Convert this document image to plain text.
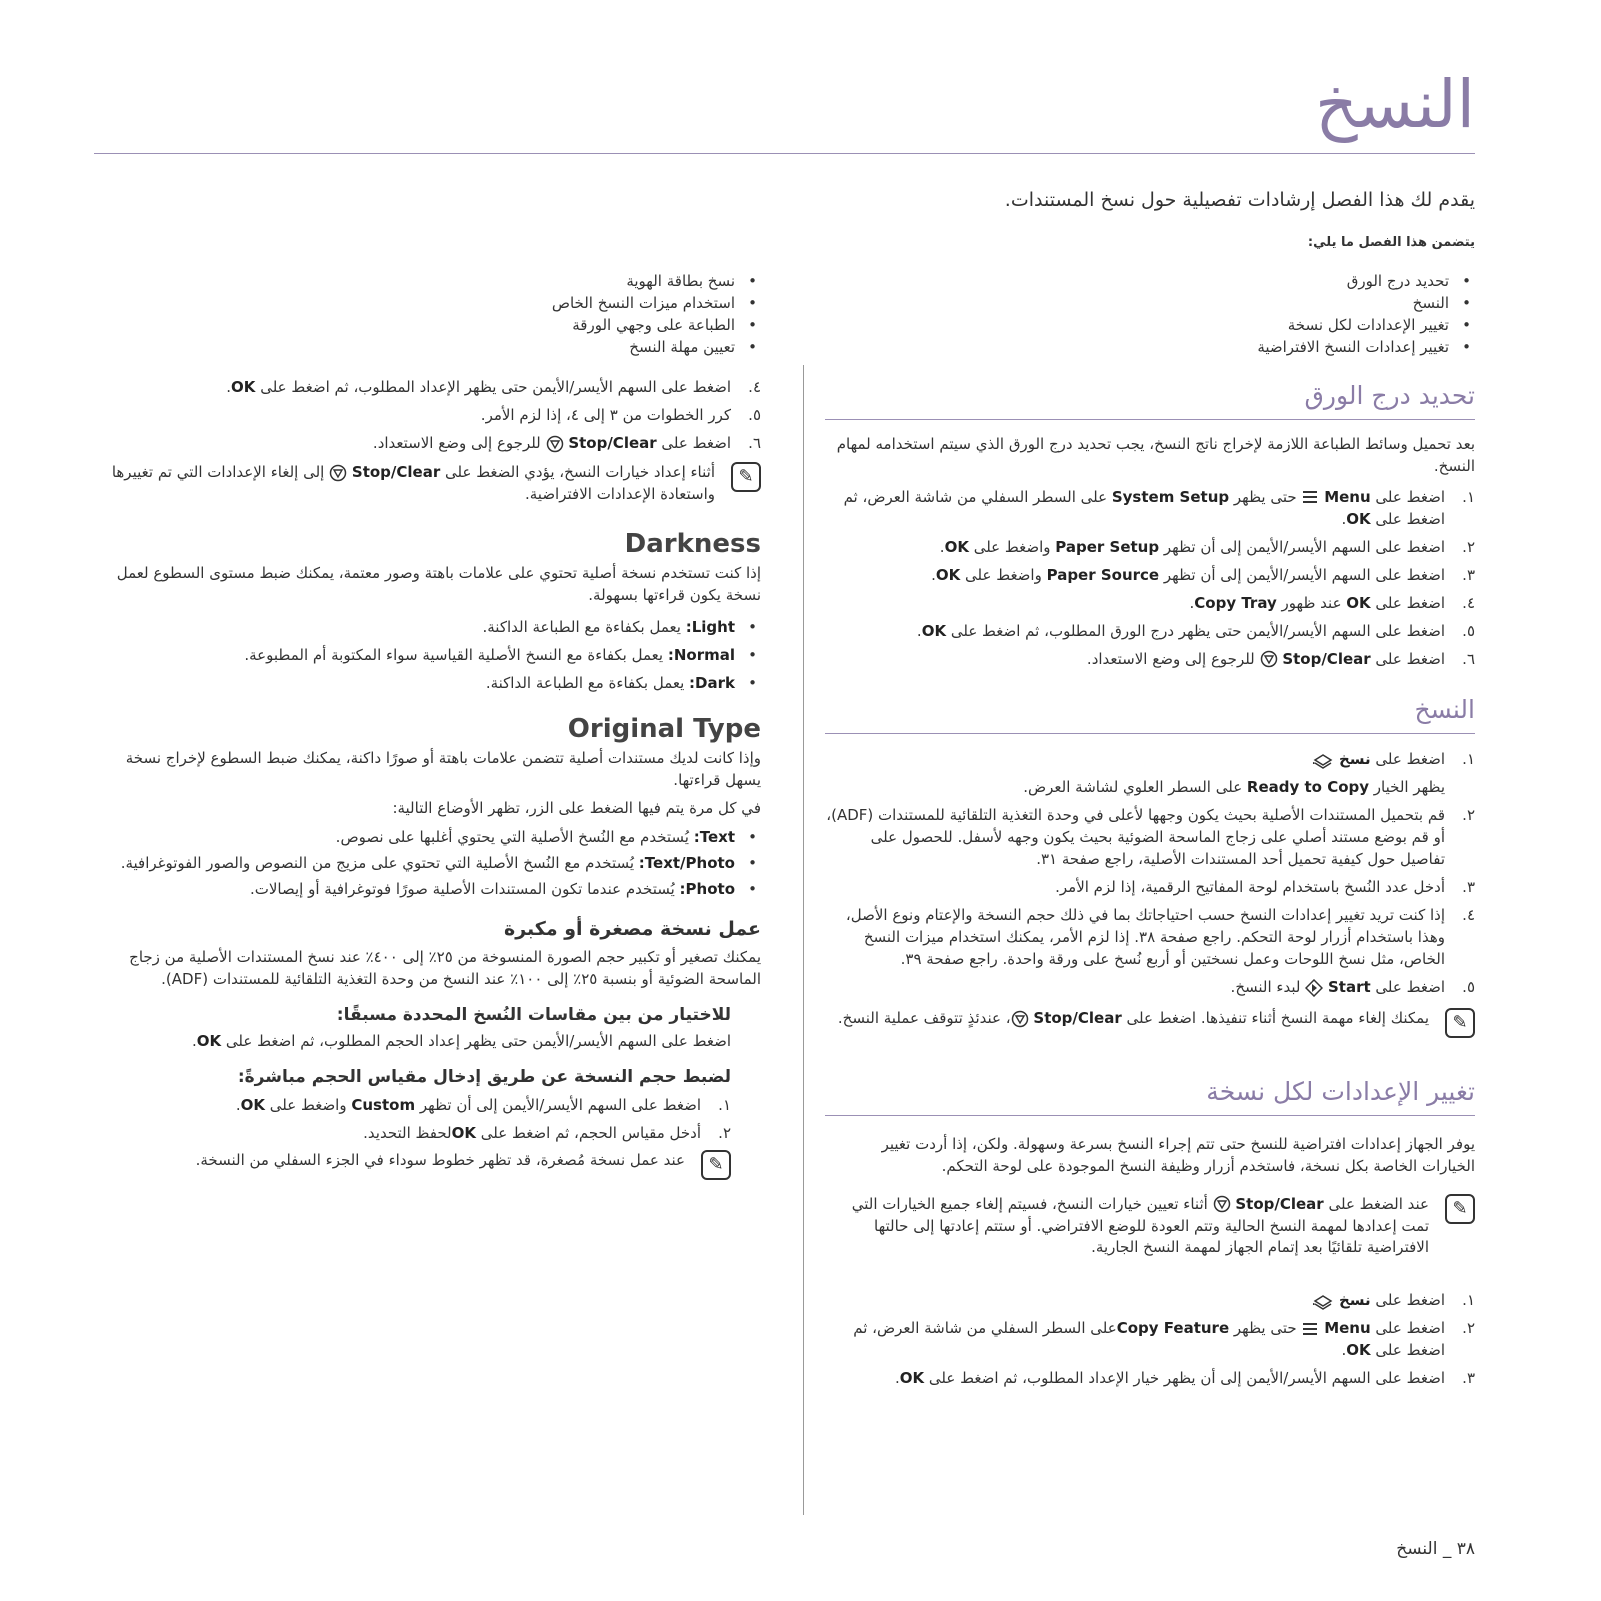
النسخ
يقدم لك هذا الفصل إرشادات تفصيلية حول نسخ المستندات.
يتضمن هذا الفصل ما يلي:
• تحديد درج الورق
• النسخ
• تغيير الإعدادات لكل نسخة
• تغيير إعدادات النسخ الافتراضية
تحديد درج الورق

بعد تحميل وسائط الطباعة اللازمة لإخراج ناتج النسخ، يجب تحديد درج الورق الذي سيتم استخدامه لمهام النسخ.

١.
اضغط على Menu  حتى يظهر System Setup على السطر السفلي من شاشة العرض، ثم اضغط على OK.
٢.
اضغط على السهم الأيسر/الأيمن إلى أن تظهر Paper Setup واضغط على OK.
٣.
اضغط على السهم الأيسر/الأيمن إلى أن تظهر Paper Source واضغط على OK.
٤.
اضغط على OK عند ظهور Copy Tray.
٥.
اضغط على السهم الأيسر/الأيمن حتى يظهر درج الورق المطلوب، ثم اضغط على OK.
٦.
اضغط على Stop/Clear  للرجوع إلى وضع الاستعداد.
النسخ
١.
اضغط على نسخ .
يظهر الخيار Ready to Copy على السطر العلوي لشاشة العرض.
٢.
قم بتحميل المستندات الأصلية بحيث يكون وجهها لأعلى في وحدة التغذية التلقائية للمستندات (ADF)، أو قم بوضع مستند أصلي على زجاج الماسحة الضوئية بحيث يكون وجهه لأسفل. للحصول على تفاصيل حول كيفية تحميل أحد المستندات الأصلية، راجع صفحة ٣١.
٣.
أدخل عدد النُسخ باستخدام لوحة المفاتيح الرقمية، إذا لزم الأمر.
٤.
إذا كنت تريد تغيير إعدادات النسخ حسب احتياجاتك بما في ذلك حجم النسخة والإعتام ونوع الأصل، وهذا باستخدام أزرار لوحة التحكم. راجع صفحة ٣٨. إذا لزم الأمر، يمكنك استخدام ميزات النسخ الخاص، مثل نسخ اللوحات وعمل نسختين أو أربع نُسخ على ورقة واحدة. راجع صفحة ٣٩.
٥.
اضغط على Start  لبدء النسخ.
✎
يمكنك إلغاء مهمة النسخ أثناء تنفيذها. اضغط على Stop/Clear ، عندئذٍ تتوقف عملية النسخ.
تغيير الإعدادات لكل نسخة

يوفر الجهاز إعدادات افتراضية للنسخ حتى تتم إجراء النسخ بسرعة وسهولة. ولكن، إذا أردت تغيير الخيارات الخاصة بكل نسخة، فاستخدم أزرار وظيفة النسخ الموجودة على لوحة التحكم.

✎
عند الضغط على Stop/Clear  أثناء تعيين خيارات النسخ، فسيتم إلغاء جميع الخيارات التي تمت إعدادها لمهمة النسخ الحالية وتتم العودة للوضع الافتراضي. أو ستتم إعادتها إلى حالتها الافتراضية تلقائيًا بعد إتمام الجهاز لمهمة النسخ الجارية.
١.
اضغط على نسخ .
٢.
اضغط على Menu  حتى يظهر Copy Featureعلى السطر السفلي من شاشة العرض، ثم اضغط على OK.
٣.
اضغط على السهم الأيسر/الأيمن إلى أن يظهر خيار الإعداد المطلوب، ثم اضغط على OK.
• نسخ بطاقة الهوية
• استخدام ميزات النسخ الخاص
• الطباعة على وجهي الورقة
• تعيين مهلة النسخ
٤.
اضغط على السهم الأيسر/الأيمن حتى يظهر الإعداد المطلوب، ثم اضغط على OK.
٥.
كرر الخطوات من ٣ إلى ٤، إذا لزم الأمر.
٦.
اضغط على Stop/Clear  للرجوع إلى وضع الاستعداد.
✎
أثناء إعداد خيارات النسخ، يؤدي الضغط على Stop/Clear  إلى إلغاء الإعدادات التي تم تغييرها واستعادة الإعدادات الافتراضية.
Darkness

إذا كنت تستخدم نسخة أصلية تحتوي على علامات باهتة وصور معتمة، يمكنك ضبط مستوى السطوع لعمل نسخة يكون قراءتها بسهولة.

• Light: يعمل بكفاءة مع الطباعة الداكنة.
• Normal: يعمل بكفاءة مع النسخ الأصلية القياسية سواء المكتوبة أم المطبوعة.
• Dark: يعمل بكفاءة مع الطباعة الداكنة.
Original Type

وإذا كانت لديك مستندات أصلية تتضمن علامات باهتة أو صورًا داكنة، يمكنك ضبط السطوع لإخراج نسخة يسهل قراءتها.

في كل مرة يتم فيها الضغط على الزر، تظهر الأوضاع التالية:

• Text: يُستخدم مع النُسخ الأصلية التي يحتوي أغلبها على نصوص.
• Text/Photo: يُستخدم مع النُسخ الأصلية التي تحتوي على مزيج من النصوص والصور الفوتوغرافية.
• Photo: يُستخدم عندما تكون المستندات الأصلية صورًا فوتوغرافية أو إيصالات.
عمل نسخة مصغرة أو مكبرة

يمكنك تصغير أو تكبير حجم الصورة المنسوخة من ٢٥٪ إلى ٤٠٠٪ عند نسخ المستندات الأصلية من زجاج الماسحة الضوئية أو بنسبة ٢٥٪ إلى ١٠٠٪ عند النسخ من وحدة التغذية التلقائية للمستندات (ADF).

للاختيار من بين مقاسات النُسخ المحددة مسبقًا:

اضغط على السهم الأيسر/الأيمن حتى يظهر إعداد الحجم المطلوب، ثم اضغط على OK.

لضبط حجم النسخة عن طريق إدخال مقياس الحجم مباشرةً:
١.
اضغط على السهم الأيسر/الأيمن إلى أن تظهر Custom واضغط على OK.
٢.
أدخل مقياس الحجم، ثم اضغط على OKلحفظ التحديد.
✎
عند عمل نسخة مُصغرة، قد تظهر خطوط سوداء في الجزء السفلي من النسخة.
٣٨ _ النسخ
